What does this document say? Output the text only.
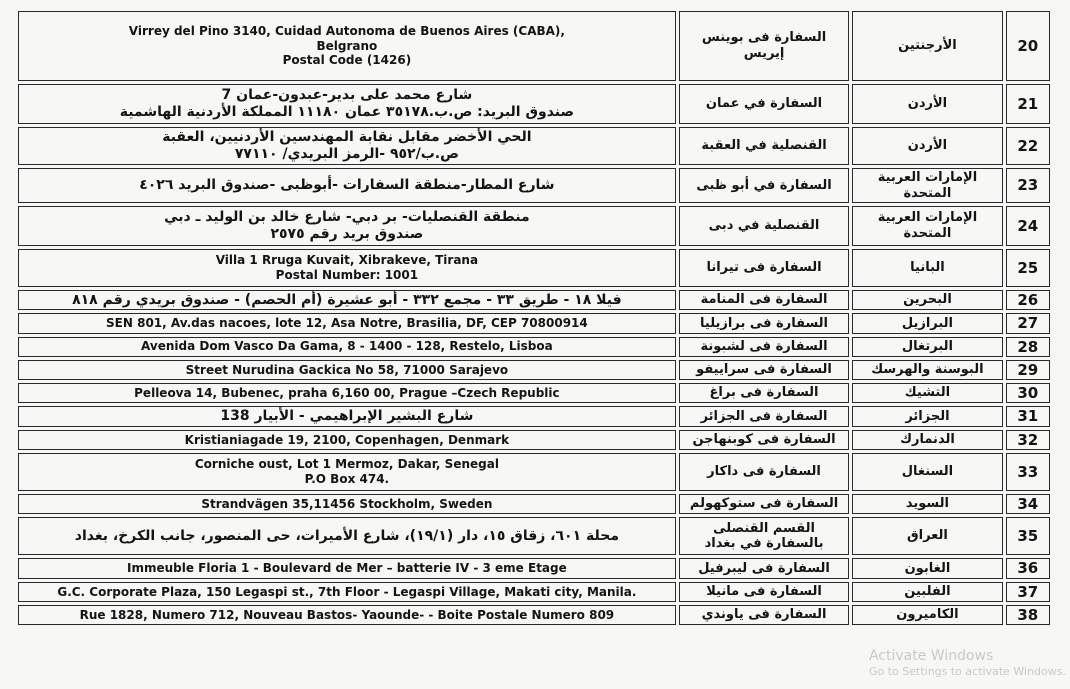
Virrey del Pino 3140, Cuidad Autonoma de Buenos Aires (CABA),
Belgrano
Postal Code (1426)	السفارة فى بوينس إيريس	الأرجنتين	20

شارع محمد على بدير-عبدون-عمان 7
صندوق البريد: ص.ب.٣٥١٧٨ عمان ١١١٨٠ المملكة الأردنية الهاشمية	السفارة في عمان	الأردن	21

الحي الأخضر مقابل نقابة المهندسين الأردنيين، العقبة
ص.ب/٩٥٢ -الرمز البريدي/ ٧٧١١٠	القنصلية في العقبة	الأردن	22

شارع المطار-منطقة السفارات -أبوظبى -صندوق البريد ٤٠٢٦	السفارة في أبو ظبى	الإمارات العربية المتحدة	23

منطقة القنصليات- بر دبي- شارع خالد بن الوليد ـ دبي
صندوق بريد رقم ٢٥٧٥	القنصلية في دبى	الإمارات العربية المتحدة	24

Villa 1 Rruga Kuvait, Xibrakeve, Tirana
Postal Number: 1001	السفارة فى تيرانا	البانيا	25

فيلا ١٨ - طريق ٣٣ - مجمع ٣٣٢ - أبو عشيرة (أم الحصم) - صندوق بريدي رقم ٨١٨	السفارة فى المنامة	البحرين	26

SEN 801, Av.das nacoes, lote 12, Asa Notre, Brasilia, DF, CEP 70800914	السفارة فى برازيليا	البرازيل	27

Avenida Dom Vasco Da Gama, 8 - 1400 - 128, Restelo, Lisboa	السفارة فى لشبونة	البرتغال	28

Street Nurudina Gackica No 58, 71000 Sarajevo	السفارة فى سراييفو	البوسنة والهرسك	29

Pelleova 14, Bubenec, praha 6,160 00, Prague –Czech Republic	السفارة فى براغ	التشيك	30

شارع البشير الإبراهيمي - الأبيار 138	السفارة فى الجزائر	الجزائر	31

Kristianiagade 19, 2100, Copenhagen, Denmark	السفارة فى كوبنهاجن	الدنمارك	32

Corniche oust, Lot 1 Mermoz, Dakar, Senegal
P.O Box 474.	السفارة فى داكار	السنغال	33

Strandvägen 35,11456 Stockholm, Sweden	السفارة فى ستوكهولم	السويد	34

محلة ٦٠١، زقاق ١٥، دار (١٩/١)، شارع الأميرات، حى المنصور، جانب الكرخ، بغداد	القسم القنصلى بالسفارة في بغداد	العراق	35

Immeuble Floria 1 - Boulevard de Mer – batterie IV - 3 eme Etage	السفارة فى ليبرفيل	الغابون	36

G.C. Corporate Plaza, 150 Legaspi st., 7th Floor - Legaspi Village, Makati city, Manila.	السفارة فى مانيلا	الفلبين	37

Rue 1828, Numero 712, Nouveau Bastos- Yaounde- - Boite Postale Numero 809	السفارة فى ياوندي	الكاميرون	38
Activate Windows
Go to Settings to activate Windows.
